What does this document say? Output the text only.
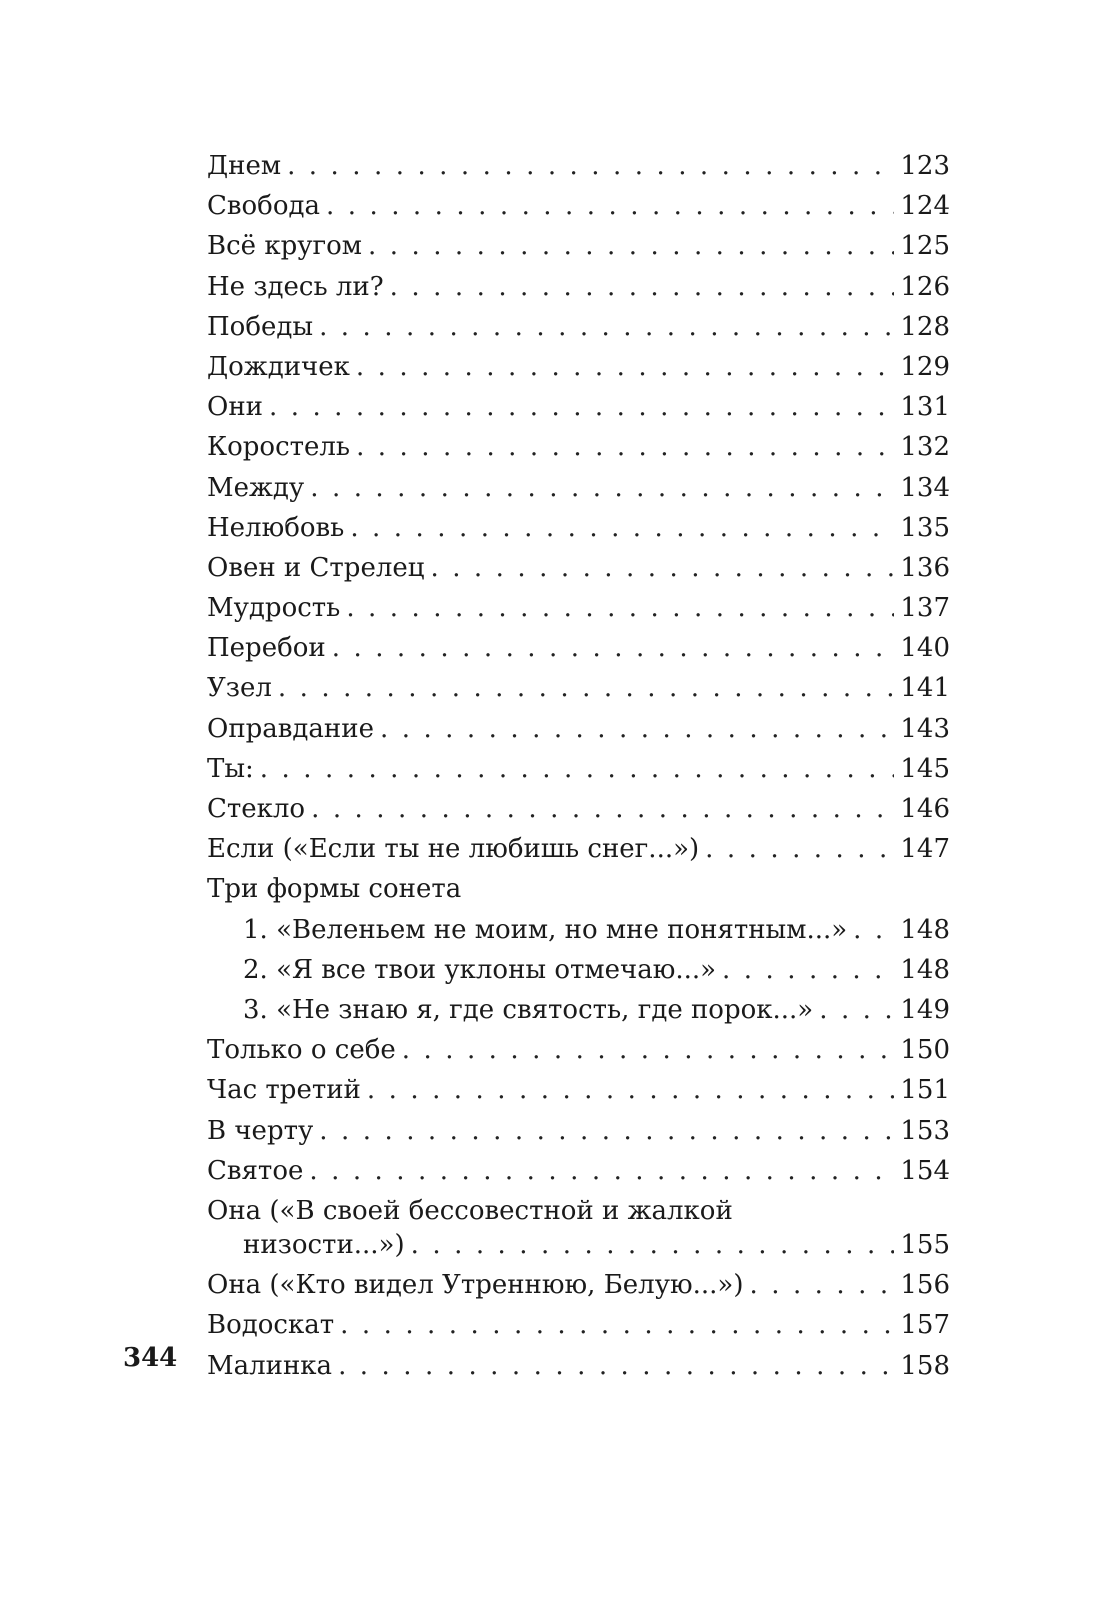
Днем . . .	123
Свобода . . .	124
Всё кругом . . .	125
Не здесь ли? . . .	126
Победы . . .	128
Дождичек . . .	129
Они . . .	131
Коростель . . .	132
Между . . .	134
Нелюбовь . . .	135
Овен и Стрелец . . .	136
Мудрость . . .	137
Перебои . . .	140
Узел . . .	141
Оправдание . . .	143
Ты: . . .	145
Стекло . . .	146
Если («Если ты не любишь снег...») . . .	147
Три формы сонета
1. «Веленьем не моим, но мне понятным...» . . . 148
2. «Я все твои уклоны отмечаю...» . . .	148
3. «Не знаю я, где святость, где порок...» . . .	149
Только о себе . . .	150
Час третий . . .	151
В черту . . .	153
Святое . . .	154
Она («В своей бессовестной и жалкой
низости...») . . .	155
Она («Кто видел Утреннюю, Белую...») . . .	156
Водоскат . . .	157
Малинка . . .	158
344
